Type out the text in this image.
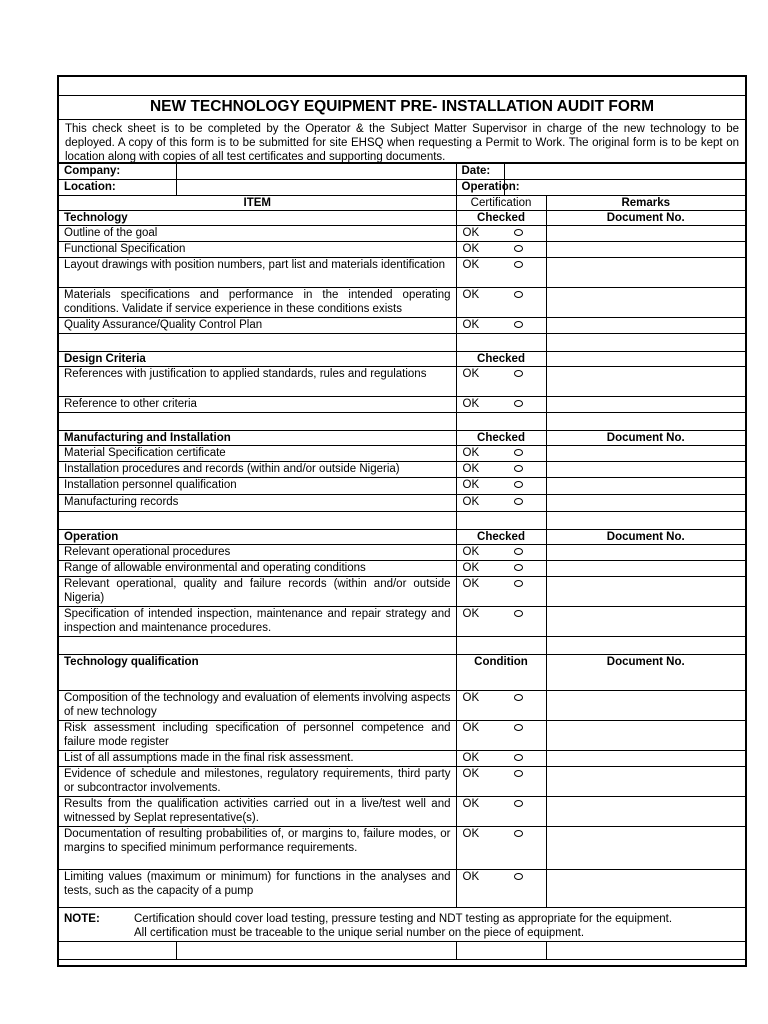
NEW TECHNOLOGY EQUIPMENT PRE- INSTALLATION AUDIT FORM
This check sheet is to be completed by the Operator & the Subject Matter Supervisor in charge of the new technology to be deployed. A copy of this form is to be submitted for site EHSQ when requesting a Permit to Work. The original form is to be kept on location along with copies of all test certificates and supporting documents.
Company:		Date:		
Location:		Operation:		
ITEM		Certification		Remarks
Technology		Checked		Document No.
Outline of the goal		OK		

Functional Specification		OK		

Layout drawings with position numbers, part list and materials identification		OK		

Materials specifications and performance in the intended operating conditions. Validate if service experience in these conditions exists		OK		

Quality Assurance/Quality Control Plan		OK		

Design Criteria		Checked		
References with justification to applied standards, rules and regulations		OK		

Reference to other criteria		OK		

Manufacturing and Installation		Checked		Document No.
Material Specification certificate		OK		

Installation procedures and records (within and/or outside Nigeria)		OK		

Installation personnel qualification		OK		

Manufacturing records		OK		

Operation		Checked		Document No.
Relevant operational procedures		OK		

Range of allowable environmental and operating conditions		OK		

Relevant operational, quality and failure records (within and/or outside Nigeria)		OK		

Specification of intended inspection, maintenance and repair strategy and inspection and maintenance procedures.		OK		

Technology qualification		Condition		Document No.
Composition of the technology and evaluation of elements involving aspects of new technology		OK		

Risk assessment including specification of personnel competence and failure mode register		OK		

List of all assumptions made in the final risk assessment.		OK		

Evidence of schedule and milestones, regulatory requirements, third party or subcontractor involvements.		OK		

Results from the qualification activities carried out in a live/test well and witnessed by Seplat representative(s).		OK		

Documentation of resulting probabilities of, or margins to, failure modes, or margins to specified minimum performance requirements.		OK		

Limiting values (maximum or minimum) for functions in the analyses and tests, such as the capacity of a pump		OK		

NOTE: Certification should cover load testing, pressure testing and NDT testing as appropriate for the equipment.
All certification must be traceable to the unique serial number on the piece of equipment.				
